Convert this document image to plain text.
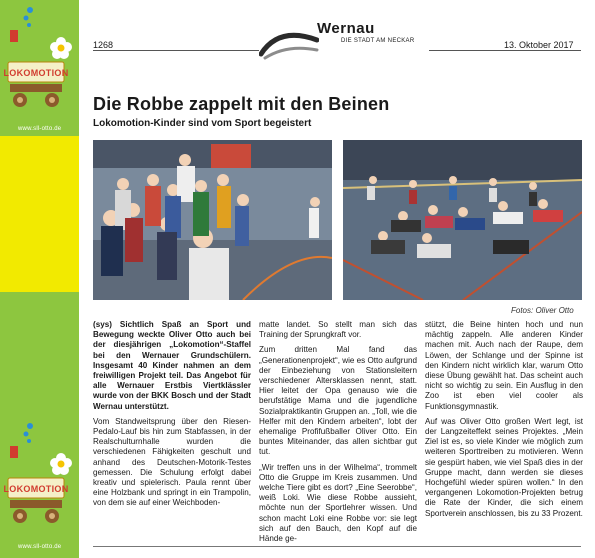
LOKOMOTION
www.sll-otto.de
LOKOMOTION
www.sll-otto.de
1268
Wernau
DIE STADT AM NECKAR	13. Oktober 2017
Die Robbe zappelt mit den Beinen
Lokomotion-Kinder sind vom Sport begeistert
Fotos: Oliver Otto

(sys) Sichtlich Spaß an Sport und Bewegung weckte Oliver Otto auch bei der diesjährigen „Lokomotion“-Staffel bei den Wernauer Grundschülern. Insgesamt 40 Kinder nahmen an dem freiwilligen Projekt teil. Das Angebot für alle Wernauer Erstbis Viertklässler wurde von der BKK Bosch und der Stadt Wernau unterstützt.

Vom Standweitsprung über den Riesen-Pedalo-Lauf bis hin zum Stabfassen, in der Realschulturnhalle wurden die verschiedenen Fähigkeiten geschult und anhand des Deutschen-Motorik-Testes gemessen. Die Schulung erfolgt dabei kreativ und spielerisch. Paula rennt über eine Holzbank und springt in ein Trampolin, von dem sie auf einer Weichboden-

matte landet. So stellt man sich das Training der Sprungkraft vor.

Zum dritten Mal fand das „Generationenprojekt“, wie es Otto aufgrund der Einbeziehung von Stationsleitern verschiedener Altersklassen nennt, statt. Hier leitet der Opa genauso wie die berufstätige Mama und die jugendliche Sozialpraktikantin Gruppen an. „Toll, wie die Helfer mit den Kindern arbeiten“, lobt der ehemalige Profifußballer Oliver Otto. Ein buntes Miteinander, das allen sichtbar gut tut.

„Wir treffen uns in der Wilhelma“, trommelt Otto die Gruppe im Kreis zusammen. Und welche Tiere gibt es dort? „Eine Seerobbe“, weiß Loki. Wie diese Robbe aussieht, möchte nun der Sportlehrer wissen. Und schon macht Loki eine Robbe vor: sie legt sich auf den Bauch, den Kopf auf die Hände ge-

stützt, die Beine hinten hoch und nun mächtig zappeln. Alle anderen Kinder machen mit. Auch nach der Raupe, dem Löwen, der Schlange und der Spinne ist den Kindern nicht wirklich klar, warum Otto diese Übung gewählt hat. Das scheint auch nicht so wichtig zu sein. Ein Ausflug in den Zoo ist eben viel cooler als Funktionsgymnastik.

Auf was Oliver Otto großen Wert legt, ist der Langzeiteffekt seines Projektes. „Mein Ziel ist es, so viele Kinder wie möglich zum weiteren Sporttreiben zu motivieren. Wenn sie gespürt haben, wie viel Spaß dies in der Gruppe macht, dann werden sie dieses Hochgefühl wieder spüren wollen.“ In den vergangenen Lokomotion-Projekten betrug die Rate der Kinder, die sich einem Sportverein anschlossen, bis zu 33 Prozent.
